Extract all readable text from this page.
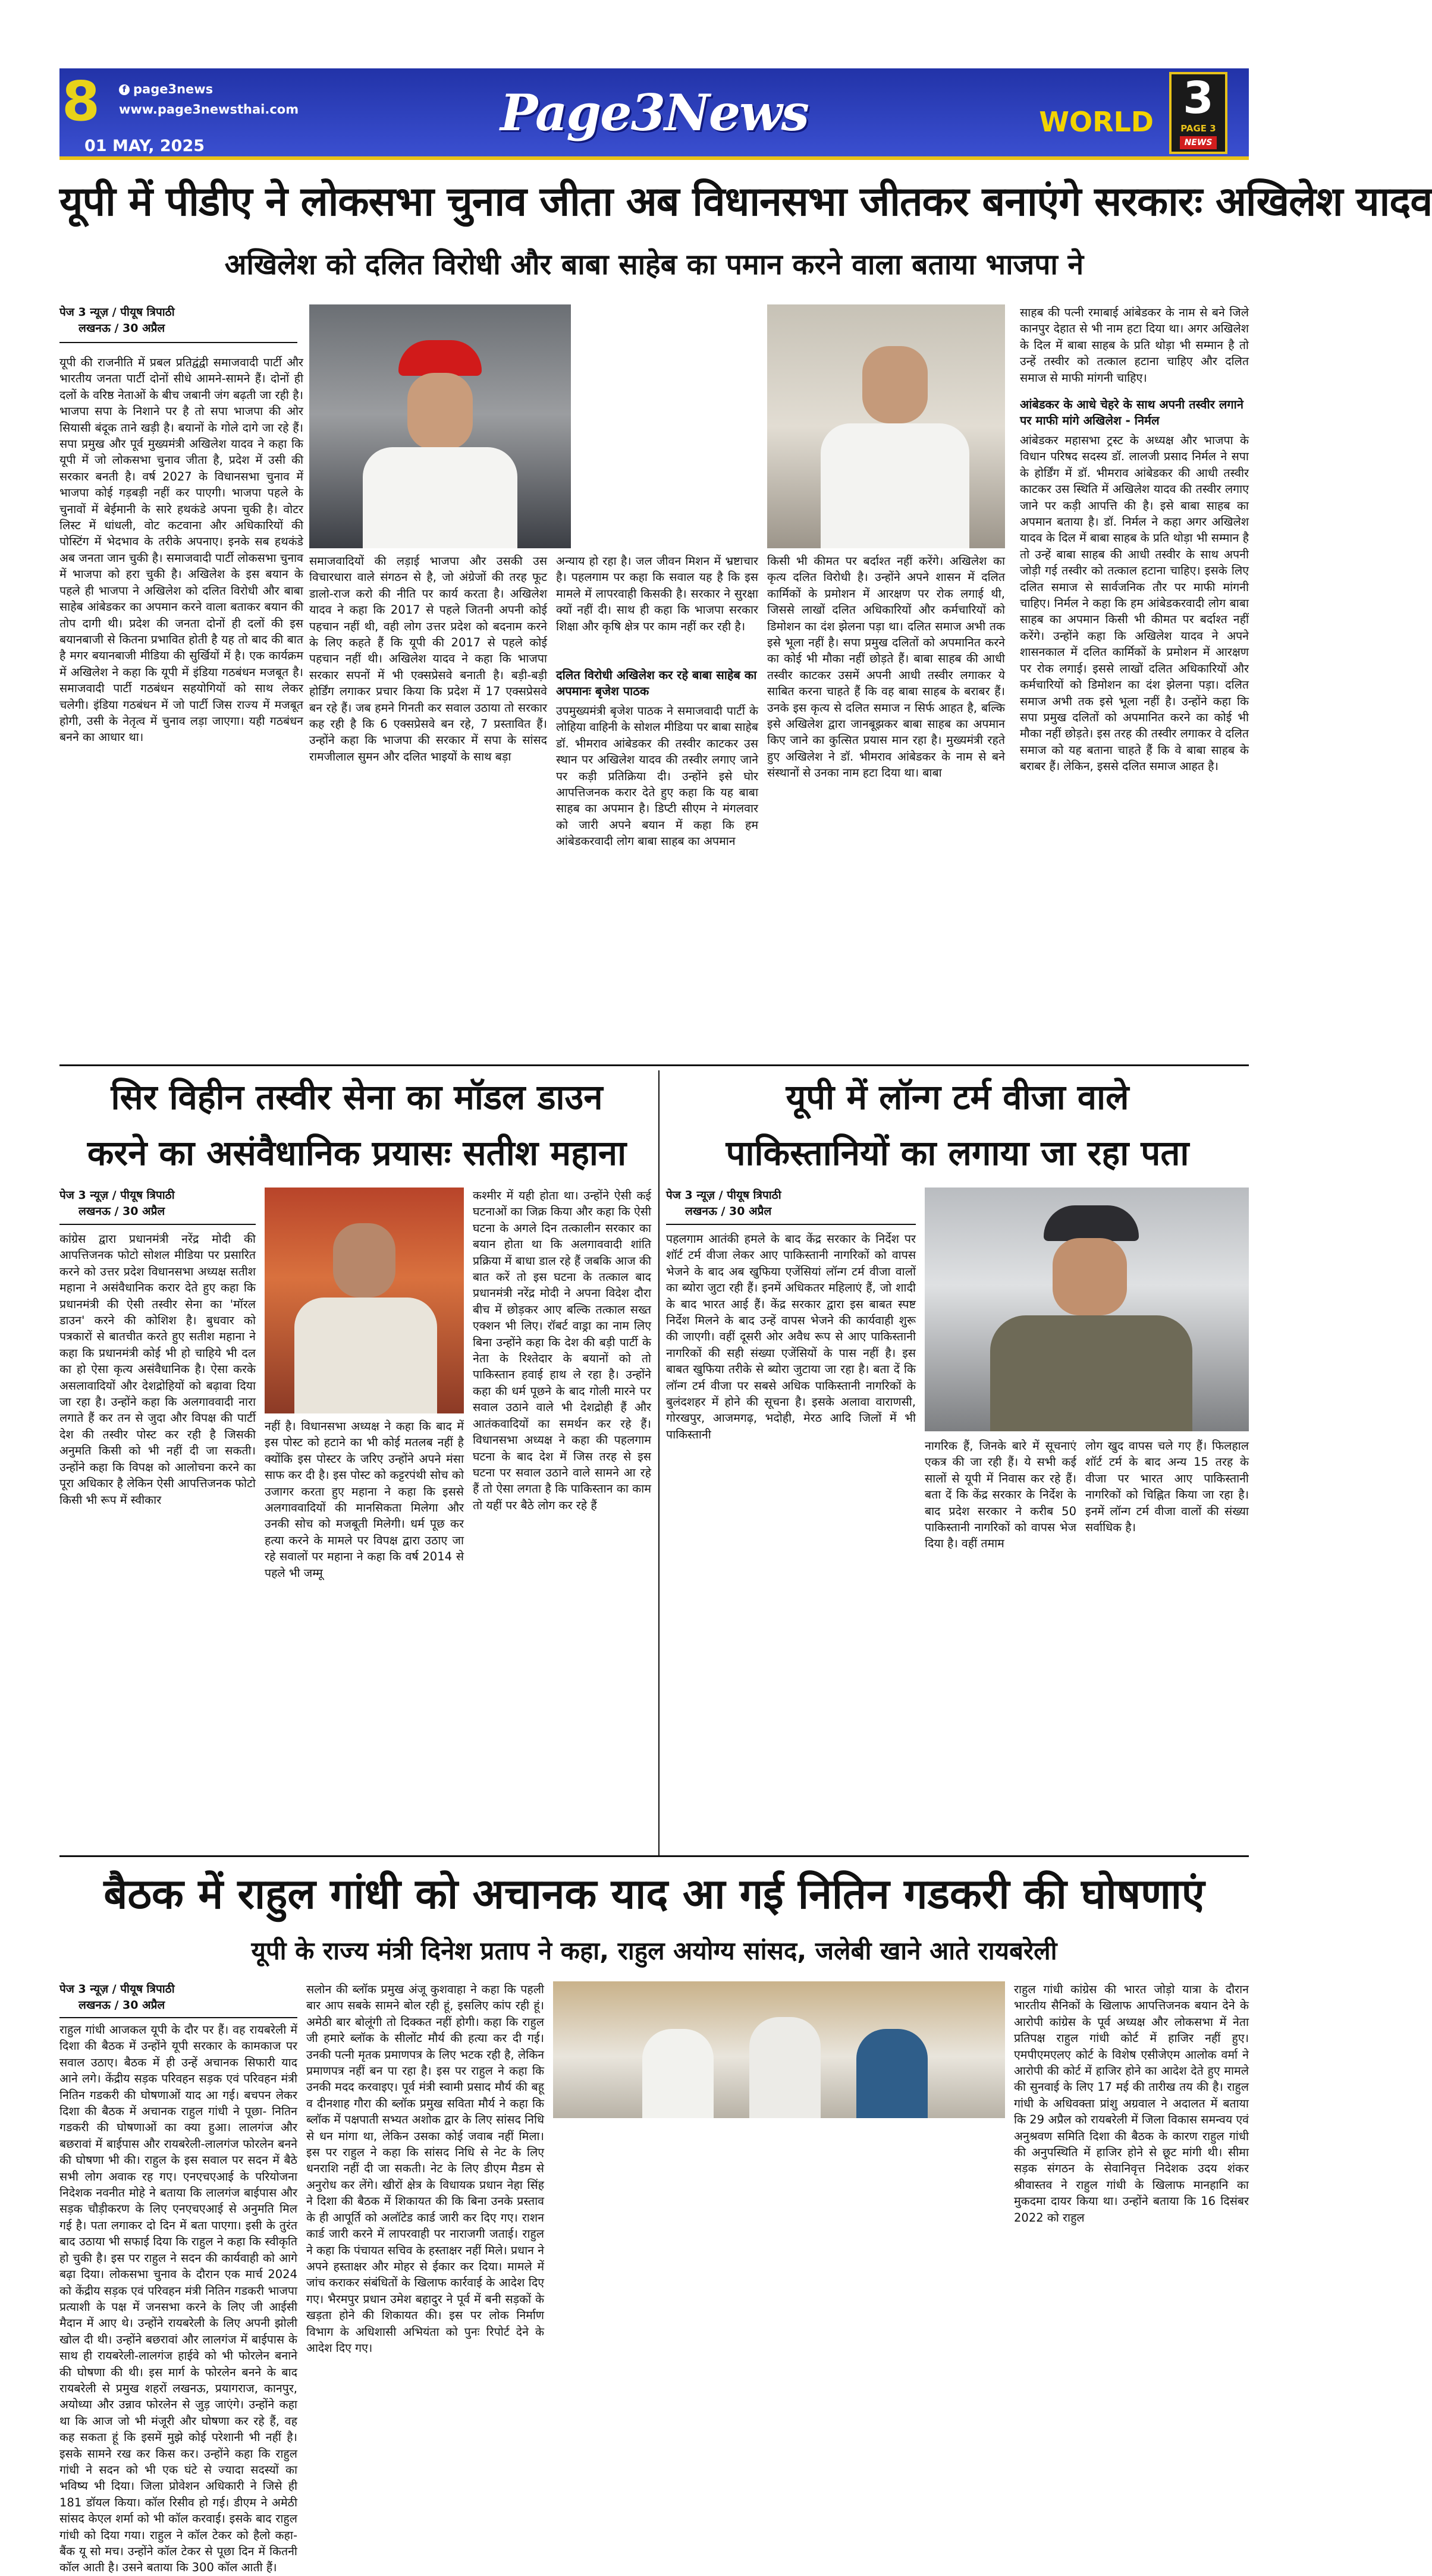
8	f page3news
www.page3newsthai.com
01 MAY, 2025
Page3News	WORLD 3
PAGE 3
NEWS
यूपी में पीडीए ने लोकसभा चुनाव जीता अब विधानसभा जीतकर बनाएंगे सरकारः अखिलेश यादव
अखिलेश को दलित विरोधी और बाबा साहेब का पमान करने वाला बताया भाजपा ने
पेज 3 न्यूज़ / पीयूष त्रिपाठी
लखनऊ / 30 अप्रैल
यूपी की राजनीति में प्रबल प्रतिद्वंद्वी समाजवादी पार्टी और भारतीय जनता पार्टी दोनों सीधे आमने-सामने हैं। दोनों ही दलों के वरिष्ठ नेताओं के बीच जबानी जंग बढ़ती जा रही है। भाजपा सपा के निशाने पर है तो सपा भाजपा की ओर सियासी बंदूक ताने खड़ी है। बयानों के गोले दागे जा रहे हैं। सपा प्रमुख और पूर्व मुख्यमंत्री अखिलेश यादव ने कहा कि यूपी में जो लोकसभा चुनाव जीता है, प्रदेश में उसी की सरकार बनती है। वर्ष 2027 के विधानसभा चुनाव में भाजपा कोई गड़बड़ी नहीं कर पाएगी। भाजपा पहले के चुनावों में बेईमानी के सारे हथकंडे अपना चुकी है। वोटर लिस्ट में धांधली, वोट कटवाना और अधिकारियों की पोस्टिंग में भेदभाव के तरीके अपनाए। इनके सब हथकंडे अब जनता जान चुकी है। समाजवादी पार्टी लोकसभा चुनाव में भाजपा को हरा चुकी है। अखिलेश के इस बयान के पहले ही भाजपा ने अखिलेश को दलित विरोधी और बाबा साहेब आंबेडकर का अपमान करने वाला बताकर बयान की तोप दागी थी। प्रदेश की जनता दोनों ही दलों की इस बयानबाजी से कितना प्रभावित होती है यह तो बाद की बात है मगर बयानबाजी मीडिया की सुर्खियों में है। एक कार्यक्रम में अखिलेश ने कहा कि यूपी में इंडिया गठबंधन मजबूत है। समाजवादी पार्टी गठबंधन सहयोगियों को साथ लेकर चलेगी। इंडिया गठबंधन में जो पार्टी जिस राज्य में मजबूत होगी, उसी के नेतृत्व में चुनाव लड़ा जाएगा। यही गठबंधन बनने का आधार था।
समाजवादियों की लड़ाई भाजपा और उसकी उस विचारधारा वाले संगठन से है, जो अंग्रेजों की तरह फूट डालो-राज करो की नीति पर कार्य करता है। अखिलेश यादव ने कहा कि 2017 से पहले जितनी अपनी कोई पहचान नहीं थी, वही लोग उत्तर प्रदेश को बदनाम करने के लिए कहते हैं कि यूपी की 2017 से पहले कोई पहचान नहीं थी। अखिलेश यादव ने कहा कि भाजपा सरकार सपनों में भी एक्सप्रेसवे बनाती है। बड़ी-बड़ी होर्डिंग लगाकर प्रचार किया कि प्रदेश में 17 एक्सप्रेसवे बन रहे हैं। जब हमने गिनती कर सवाल उठाया तो सरकार कह रही है कि 6 एक्सप्रेसवे बन रहे, 7 प्रस्तावित हैं। उन्होंने कहा कि भाजपा की सरकार में सपा के सांसद रामजीलाल सुमन और दलित भाइयों के साथ बड़ा
अन्याय हो रहा है। जल जीवन मिशन में भ्रष्टाचार है। पहलगाम पर कहा कि सवाल यह है कि इस मामले में लापरवाही किसकी है। सरकार ने सुरक्षा क्यों नहीं दी। साथ ही कहा कि भाजपा सरकार शिक्षा और कृषि क्षेत्र पर काम नहीं कर रही है।
दलित विरोधी अखिलेश कर रहे बाबा साहेब का अपमानः बृजेश पाठक
उपमुख्यमंत्री बृजेश पाठक ने समाजवादी पार्टी के लोहिया वाहिनी के सोशल मीडिया पर बाबा साहेब डॉ. भीमराव आंबेडकर की तस्वीर काटकर उस स्थान पर अखिलेश यादव की तस्वीर लगाए जाने पर कड़ी प्रतिक्रिया दी। उन्होंने इसे घोर आपत्तिजनक करार देते हुए कहा कि यह बाबा साहब का अपमान है। डिप्टी सीएम ने मंगलवार को जारी अपने बयान में कहा कि हम आंबेडकरवादी लोग बाबा साहब का अपमान
किसी भी कीमत पर बर्दाश्त नहीं करेंगे। अखिलेश का कृत्य दलित विरोधी है। उन्होंने अपने शासन में दलित कार्मिकों के प्रमोशन में आरक्षण पर रोक लगाई थी, जिससे लाखों दलित अधिकारियों और कर्मचारियों को डिमोशन का दंश झेलना पड़ा था। दलित समाज अभी तक इसे भूला नहीं है। सपा प्रमुख दलितों को अपमानित करने का कोई भी मौका नहीं छोड़ते हैं। बाबा साहब की आधी तस्वीर काटकर उसमें अपनी आधी तस्वीर लगाकर ये साबित करना चाहते हैं कि वह बाबा साहब के बराबर हैं। उनके इस कृत्य से दलित समाज न सिर्फ आहत है, बल्कि इसे अखिलेश द्वारा जानबूझकर बाबा साहब का अपमान किए जाने का कुत्सित प्रयास मान रहा है। मुख्यमंत्री रहते हुए अखिलेश ने डॉ. भीमराव आंबेडकर के नाम से बने संस्थानों से उनका नाम हटा दिया था। बाबा
साहब की पत्नी रमाबाई आंबेडकर के नाम से बने जिले कानपुर देहात से भी नाम हटा दिया था। अगर अखिलेश के दिल में बाबा साहब के प्रति थोड़ा भी सम्मान है तो उन्हें तस्वीर को तत्काल हटाना चाहिए और दलित समाज से माफी मांगनी चाहिए।
आंबेडकर के आधे चेहरे के साथ अपनी तस्वीर लगाने पर माफी मांगे अखिलेश - निर्मल
आंबेडकर महासभा ट्रस्ट के अध्यक्ष और भाजपा के विधान परिषद सदस्य डॉ. लालजी प्रसाद निर्मल ने सपा के होर्डिंग में डॉ. भीमराव आंबेडकर की आधी तस्वीर काटकर उस स्थिति में अखिलेश यादव की तस्वीर लगाए जाने पर कड़ी आपत्ति की है। इसे बाबा साहब का अपमान बताया है। डॉ. निर्मल ने कहा अगर अखिलेश यादव के दिल में बाबा साहब के प्रति थोड़ा भी सम्मान है तो उन्हें बाबा साहब की आधी तस्वीर के साथ अपनी जोड़ी गई तस्वीर को तत्काल हटाना चाहिए। इसके लिए दलित समाज से सार्वजनिक तौर पर माफी मांगनी चाहिए। निर्मल ने कहा कि हम आंबेडकरवादी लोग बाबा साहब का अपमान किसी भी कीमत पर बर्दाश्त नहीं करेंगे। उन्होंने कहा कि अखिलेश यादव ने अपने शासनकाल में दलित कार्मिकों के प्रमोशन में आरक्षण पर रोक लगाई। इससे लाखों दलित अधिकारियों और कर्मचारियों को डिमोशन का दंश झेलना पड़ा। दलित समाज अभी तक इसे भूला नहीं है। उन्होंने कहा कि सपा प्रमुख दलितों को अपमानित करने का कोई भी मौका नहीं छोड़ते। इस तरह की तस्वीर लगाकर वे दलित समाज को यह बताना चाहते हैं कि वे बाबा साहब के बराबर हैं। लेकिन, इससे दलित समाज आहत है।
सिर विहीन तस्वीर सेना का मॉडल डाउन
करने का असंवैधानिक प्रयासः सतीश महाना
पेज 3 न्यूज़ / पीयूष त्रिपाठी
लखनऊ / 30 अप्रैल
कांग्रेस द्वारा प्रधानमंत्री नरेंद्र मोदी की आपत्तिजनक फोटो सोशल मीडिया पर प्रसारित करने को उत्तर प्रदेश विधानसभा अध्यक्ष सतीश महाना ने असंवैधानिक करार देते हुए कहा कि प्रधानमंत्री की ऐसी तस्वीर सेना का 'मॉरल डाउन' करने की कोशिश है। बुधवार को पत्रकारों से बातचीत करते हुए सतीश महाना ने कहा कि प्रधानमंत्री कोई भी हो चाहिये भी दल का हो ऐसा कृत्य असंवैधानिक है। ऐसा करके असलावादियों और देशद्रोहियों को बढ़ावा दिया जा रहा है। उन्होंने कहा कि अलगाववादी नारा लगाते हैं कर तन से जुदा और विपक्ष की पार्टी देश की तस्वीर पोस्ट कर रही है जिसकी अनुमति किसी को भी नहीं दी जा सकती। उन्होंने कहा कि विपक्ष को आलोचना करने का पूरा अधिकार है लेकिन ऐसी आपत्तिजनक फोटो किसी भी रूप में स्वीकार
नहीं है। विधानसभा अध्यक्ष ने कहा कि बाद में इस पोस्ट को हटाने का भी कोई मतलब नहीं है क्योंकि इस पोस्टर के जरिए उन्होंने अपने मंसा साफ कर दी है। इस पोस्ट को कट्टरपंथी सोच को उजागर करता हुए महाना ने कहा कि इससे अलगाववादियों की मानसिकता मिलेगा और उनकी सोच को मजबूती मिलेगी। धर्म पूछ कर हत्या करने के मामले पर विपक्ष द्वारा उठाए जा रहे सवालों पर महाना ने कहा कि वर्ष 2014 से पहले भी जम्मू
कश्मीर में यही होता था। उन्होंने ऐसी कई घटनाओं का जिक्र किया और कहा कि ऐसी घटना के अगले दिन तत्कालीन सरकार का बयान होता था कि अलगाववादी शांति प्रक्रिया में बाधा डाल रहे हैं जबकि आज की बात करें तो इस घटना के तत्काल बाद प्रधानमंत्री नरेंद्र मोदी ने अपना विदेश दौरा बीच में छोड़कर आए बल्कि तत्काल सख्त एक्शन भी लिए। रॉबर्ट वाड्रा का नाम लिए बिना उन्होंने कहा कि देश की बड़ी पार्टी के नेता के रिश्तेदार के बयानों को तो पाकिस्तान हवाई हाथ ले रहा है। उन्होंने कहा की धर्म पूछने के बाद गोली मारने पर सवाल उठाने वाले भी देशद्रोही हैं और आतंकवादियों का समर्थन कर रहे हैं। विधानसभा अध्यक्ष ने कहा की पहलगाम घटना के बाद देश में जिस तरह से इस घटना पर सवाल उठाने वाले सामने आ रहे हैं तो ऐसा लगता है कि पाकिस्तान का काम तो यहीं पर बैठे लोग कर रहे हैं
यूपी में लॉन्ग टर्म वीजा वाले
पाकिस्तानियों का लगाया जा रहा पता
पेज 3 न्यूज़ / पीयूष त्रिपाठी
लखनऊ / 30 अप्रैल
पहलगाम आतंकी हमले के बाद केंद्र सरकार के निर्देश पर शॉर्ट टर्म वीजा लेकर आए पाकिस्तानी नागरिकों को वापस भेजने के बाद अब खुफिया एजेंसियां लॉन्ग टर्म वीजा वालों का ब्योरा जुटा रही हैं। इनमें अधिकतर महिलाएं हैं, जो शादी के बाद भारत आई हैं। केंद्र सरकार द्वारा इस बाबत स्पष्ट निर्देश मिलने के बाद उन्हें वापस भेजने की कार्यवाही शुरू की जाएगी। वहीं दूसरी ओर अवैध रूप से आए पाकिस्तानी नागरिकों की सही संख्या एजेंसियों के पास नहीं है। इस बाबत खुफिया तरीके से ब्योरा जुटाया जा रहा है। बता दें कि लॉन्ग टर्म वीजा पर सबसे अधिक पाकिस्तानी नागरिकों के बुलंदशहर में होने की सूचना है। इसके अलावा वाराणसी, गोरखपुर, आजमगढ़, भदोही, मेरठ आदि जिलों में भी पाकिस्तानी
नागरिक हैं, जिनके बारे में सूचनाएं एकत्र की जा रही हैं। ये सभी कई सालों से यूपी में निवास कर रहे हैं। बता दें कि केंद्र सरकार के निर्देश के बाद प्रदेश सरकार ने करीब 50 पाकिस्तानी नागरिकों को वापस भेज दिया है। वहीं तमाम
लोग खुद वापस चले गए हैं। फिलहाल शॉर्ट टर्म के बाद अन्य 15 तरह के वीजा पर भारत आए पाकिस्तानी नागरिकों को चिह्नित किया जा रहा है। इनमें लॉन्ग टर्म वीजा वालों की संख्या सर्वाधिक है।
बैठक में राहुल गांधी को अचानक याद आ गई नितिन गडकरी की घोषणाएं
यूपी के राज्य मंत्री दिनेश प्रताप ने कहा, राहुल अयोग्य सांसद, जलेबी खाने आते रायबरेली
पेज 3 न्यूज़ / पीयूष त्रिपाठी
लखनऊ / 30 अप्रैल
राहुल गांधी आजकल यूपी के दौर पर हैं। वह रायबरेली में दिशा की बैठक में उन्होंने यूपी सरकार के कामकाज पर सवाल उठाए। बैठक में ही उन्हें अचानक सिफारी याद आने लगे। केंद्रीय सड़क परिवहन सड़क एवं परिवहन मंत्री नितिन गडकरी की घोषणाओं याद आ गई। बचपन लेकर दिशा की बैठक में अचानक राहुल गांधी ने पूछा- नितिन गडकरी की घोषणाओं का क्या हुआ। लालगंज और बछरावां में बाईपास और रायबरेली-लालगंज फोरलेन बनने की घोषणा भी की। राहुल के इस सवाल पर सदन में बैठे सभी लोग अवाक रह गए। एनएचएआई के परियोजना निदेशक नवनीत मोहे ने बताया कि लालगंज बाईपास और सड़क चौड़ीकरण के लिए एनएचएआई से अनुमति मिल गई है। पता लगाकर दो दिन में बता पाएगा। इसी के तुरंत बाद उठाया भी सफाई दिया कि राहुल ने कहा कि स्वीकृति हो चुकी है। इस पर राहुल ने सदन की कार्यवाही को आगे बढ़ा दिया। लोकसभा चुनाव के दौरान एक मार्च 2024 को केंद्रीय सड़क एवं परिवहन मंत्री नितिन गडकरी भाजपा प्रत्याशी के पक्ष में जनसभा करने के लिए जी आईसी मैदान में आए थे। उन्होंने रायबरेली के लिए अपनी झोली खोल दी थी। उन्होंने बछरावां और लालगंज में बाईपास के साथ ही रायबरेली-लालगंज हाईवे को भी फोरलेन बनाने की घोषणा की थी। इस मार्ग के फोरलेन बनने के बाद रायबरेली से प्रमुख शहरों लखनऊ, प्रयागराज, कानपुर, अयोध्या और उन्नाव फोरलेन से जुड़ जाएंगे। उन्होंने कहा था कि आज जो भी मंजूरी और घोषणा कर रहे हैं, वह कह सकता हूं कि इसमें मुझे कोई परेशानी भी नहीं है। इसके सामने रख कर किस कर। उन्होंने कहा कि राहुल गांधी ने सदन को भी एक घंटे से ज्यादा सदस्यों का भविष्य भी दिया। जिला प्रोवेशन अधिकारी ने जिसे ही 181 डॉयल किया। कॉल रिसीव हो गई। डीएम ने अमेठी सांसद केएल शर्मा को भी कॉल करवाई। इसके बाद राहुल गांधी को दिया गया। राहुल ने कॉल टेकर को हैलो कहा-बैंक यू सो मच। उन्होंने कॉल टेकर से पूछा दिन में कितनी कॉल आती है। उसने बताया कि 300 कॉल आती हैं।
सलोन की ब्लॉक प्रमुख अंजू कुशवाहा ने कहा कि पहली बार आप सबके सामने बोल रही हूं, इसलिए कांप रही हूं। अमेठी बार बोलूंगी तो दिक्कत नहीं होगी। कहा कि राहुल जी हमारे ब्लॉक के सीलोंट मौर्य की हत्या कर दी गई। उनकी पत्नी मृतक प्रमाणपत्र के लिए भटक रही है, लेकिन प्रमाणपत्र नहीं बन पा रहा है। इस पर राहुल ने कहा कि उनकी मदद करवाइए। पूर्व मंत्री स्वामी प्रसाद मौर्य की बहू व दीनशाह गौरा की ब्लॉक प्रमुख सविता मौर्य ने कहा कि ब्लॉक में पक्षपाती सभ्यत अशोक द्वार के लिए सांसद निधि से धन मांगा था, लेकिन उसका कोई जवाब नहीं मिला। इस पर राहुल ने कहा कि सांसद निधि से नेट के लिए धनराशि नहीं दी जा सकती। नेट के लिए डीएम मैडम से अनुरोध कर लेंगे। खीरों क्षेत्र के विधायक प्रधान नेहा सिंह ने दिशा की बैठक में शिकायत की कि बिना उनके प्रस्ताव के ही आपूर्ति को अलॉटेड कार्ड जारी कर दिए गए। राशन कार्ड जारी करने में लापरवाही पर नाराजगी जताई। राहुल ने कहा कि पंचायत सचिव के हस्ताक्षर नहीं मिले। प्रधान ने अपने हस्ताक्षर और मोहर से ईकार कर दिया। मामले में जांच कराकर संबंधितों के खिलाफ कार्रवाई के आदेश दिए गए। भैरमपुर प्रधान उमेश बहादुर ने पूर्व में बनी सड़कों के खड़ता होने की शिकायत की। इस पर लोक निर्माण विभाग के अधिशासी अभियंता को पुनः रिपोर्ट देने के आदेश दिए गए।
राहुल गांधी कांग्रेस की भारत जोड़ो यात्रा के दौरान भारतीय सैनिकों के खिलाफ आपत्तिजनक बयान देने के आरोपी कांग्रेस के पूर्व अध्यक्ष और लोकसभा में नेता प्रतिपक्ष राहुल गांधी कोर्ट में हाजिर नहीं हुए। एमपीएमएलए कोर्ट के विशेष एसीजेएम आलोक वर्मा ने आरोपी की कोर्ट में हाजिर होने का आदेश देते हुए मामले की सुनवाई के लिए 17 मई की तारीख तय की है। राहुल गांधी के अधिवक्ता प्रांशु अग्रवाल ने अदालत में बताया कि 29 अप्रैल को रायबरेली में जिला विकास समन्वय एवं अनुश्रवण समिति दिशा की बैठक के कारण राहुल गांधी की अनुपस्थिति में हाजिर होने से छूट मांगी थी। सीमा सड़क संगठन के सेवानिवृत्त निदेशक उदय शंकर श्रीवास्तव ने राहुल गांधी के खिलाफ मानहानि का मुकदमा दायर किया था। उन्होंने बताया कि 16 दिसंबर 2022 को राहुल
